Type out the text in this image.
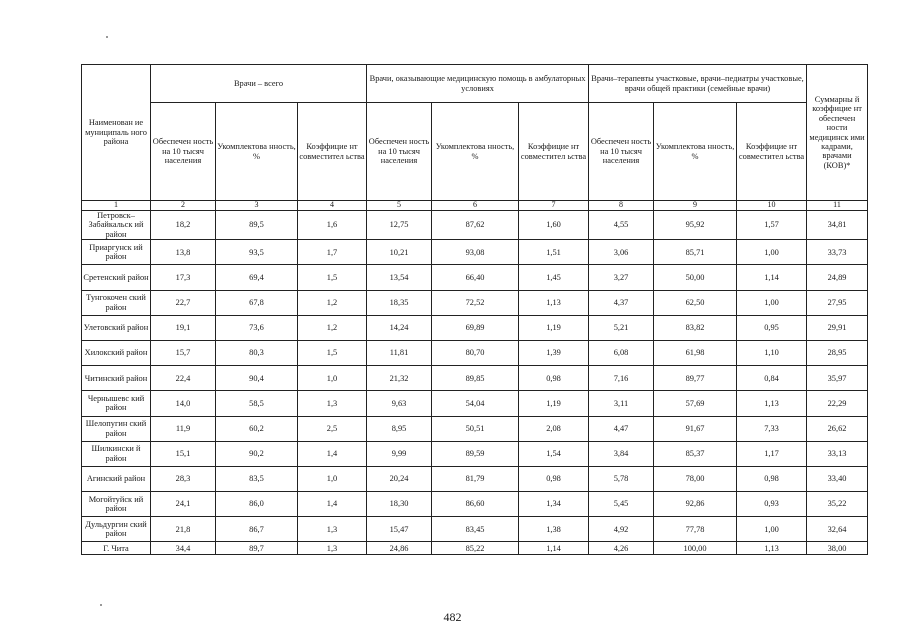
Наименован ие муниципаль ного района	Врачи – всего			Врачи, оказывающие медицинскую помощь в амбулаторных условиях			Врачи–терапевты участковые, врачи–педиатры участковые, врачи общей практики (семейные врачи)			Суммарны й коэффицие нт обеспечен ности медицинск ими кадрами, врачами (КОВ)*
	Обеспечен ность на 10 тысяч населения	Укомплектова нность, %	Коэффицие нт совместител ьства	Обеспечен ность на 10 тысяч населения	Укомплектова нность, %	Коэффицие нт совместител ьства	Обеспечен ность на 10 тысяч населения	Укомплектова нность, %	Коэффицие нт совместител ьства	
1	2	3	4	5	6	7	8	9	10	11
Петровск–Забайкальск ий район	18,2	89,5	1,6	12,75	87,62	1,60	4,55	95,92	1,57	34,81
Приаргунск ий район	13,8	93,5	1,7	10,21	93,08	1,51	3,06	85,71	1,00	33,73
Сретенский район	17,3	69,4	1,5	13,54	66,40	1,45	3,27	50,00	1,14	24,89
Тунгокочен ский район	22,7	67,8	1,2	18,35	72,52	1,13	4,37	62,50	1,00	27,95
Улетовский район	19,1	73,6	1,2	14,24	69,89	1,19	5,21	83,82	0,95	29,91
Хилокский район	15,7	80,3	1,5	11,81	80,70	1,39	6,08	61,98	1,10	28,95
Читинский район	22,4	90,4	1,0	21,32	89,85	0,98	7,16	89,77	0,84	35,97
Чернышевс кий район	14,0	58,5	1,3	9,63	54,04	1,19	3,11	57,69	1,13	22,29
Шелопугин ский район	11,9	60,2	2,5	8,95	50,51	2,08	4,47	91,67	7,33	26,62
Шилкински й район	15,1	90,2	1,4	9,99	89,59	1,54	3,84	85,37	1,17	33,13
Агинский район	28,3	83,5	1,0	20,24	81,79	0,98	5,78	78,00	0,98	33,40
Могойтуйск ий район	24,1	86,0	1,4	18,30	86,60	1,34	5,45	92,86	0,93	35,22
Дульдургин ский район	21,8	86,7	1,3	15,47	83,45	1,38	4,92	77,78	1,00	32,64
Г. Чита	34,4	89,7	1,3	24,86	85,22	1,14	4,26	100,00	1,13	38,00
482
